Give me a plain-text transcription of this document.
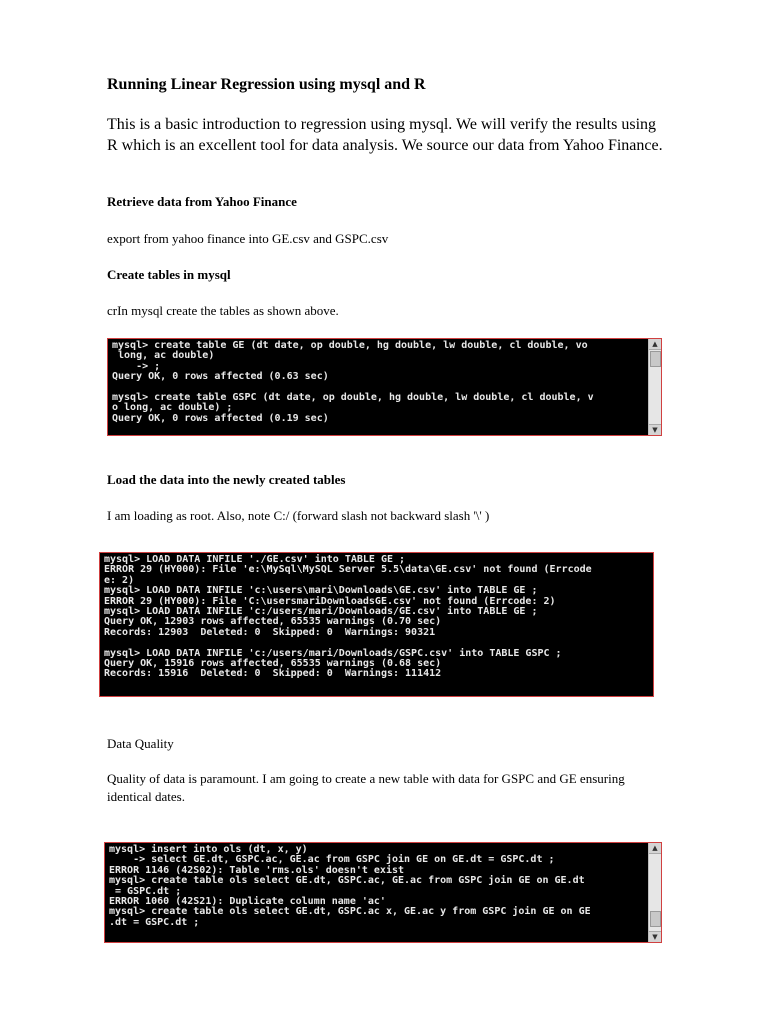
Running Linear Regression using mysql and R
This is a basic introduction to regression using mysql. We will verify the results using R which is an excellent tool for data analysis. We source our data from Yahoo Finance.
Retrieve data from Yahoo Finance
export from yahoo finance into GE.csv and GSPC.csv
Create tables in mysql
crIn mysql create the tables as shown above.
mysql> create table GE (dt date, op double, hg double, lw double, cl double, vo
long, ac double)
-> ;
Query OK, 0 rows affected (0.63 sec)

mysql> create table GSPC (dt date, op double, hg double, lw double, cl double, v
o long, ac double) ;
Query OK, 0 rows affected (0.19 sec)
▲
▼
Load the data into the newly created tables
I am loading as root. Also, note C:/ (forward slash not backward slash '\' )
mysql> LOAD DATA INFILE './GE.csv' into TABLE GE ;
ERROR 29 (HY000): File 'e:\MySql\MySQL Server 5.5\data\GE.csv' not found (Errcode
e: 2)
mysql> LOAD DATA INFILE 'c:\users\mari\Downloads\GE.csv' into TABLE GE ;
ERROR 29 (HY000): File 'C:\usersmariDownloadsGE.csv' not found (Errcode: 2)
mysql> LOAD DATA INFILE 'c:/users/mari/Downloads/GE.csv' into TABLE GE ;
Query OK, 12903 rows affected, 65535 warnings (0.70 sec)
Records: 12903  Deleted: 0  Skipped: 0  Warnings: 90321

mysql> LOAD DATA INFILE 'c:/users/mari/Downloads/GSPC.csv' into TABLE GSPC ;
Query OK, 15916 rows affected, 65535 warnings (0.68 sec)
Records: 15916  Deleted: 0  Skipped: 0  Warnings: 111412
Data Quality
Quality of data is paramount. I am going to create a new table with data for GSPC and GE ensuring identical dates.
mysql> insert into ols (dt, x, y)
-> select GE.dt, GSPC.ac, GE.ac from GSPC join GE on GE.dt = GSPC.dt ;
ERROR 1146 (42S02): Table 'rms.ols' doesn't exist
mysql> create table ols select GE.dt, GSPC.ac, GE.ac from GSPC join GE on GE.dt
= GSPC.dt ;
ERROR 1060 (42S21): Duplicate column name 'ac'
mysql> create table ols select GE.dt, GSPC.ac x, GE.ac y from GSPC join GE on GE
.dt = GSPC.dt ;
▲
▼
